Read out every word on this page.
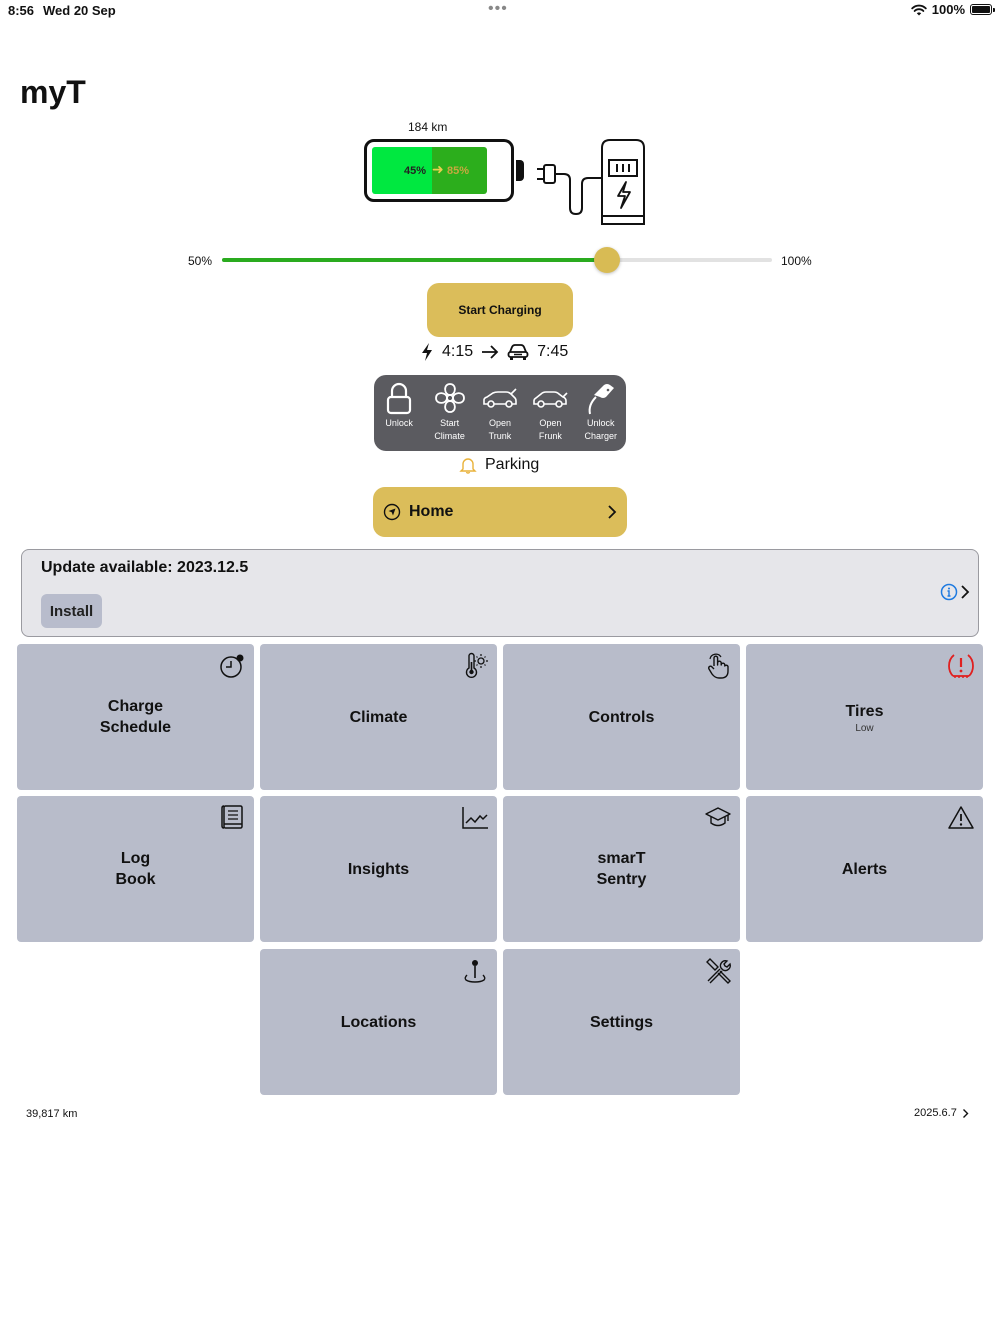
8:56 Wed 20 Sep	•••	100%
myT
184 km
45% ➜ 85%
50%	100%
Start Charging
4:15	7:45
Unlock	Start
Climate
Open
Trunk
Open
Frunk
Unlock
Charger
Parking
Home
Update available: 2023.12.5
Install
Charge
Schedule
Climate	Controls	Tires
Low
Log
Book
Insights
smarT
Sentry
Alerts
Locations	Settings
39,817 km	2025.6.7
